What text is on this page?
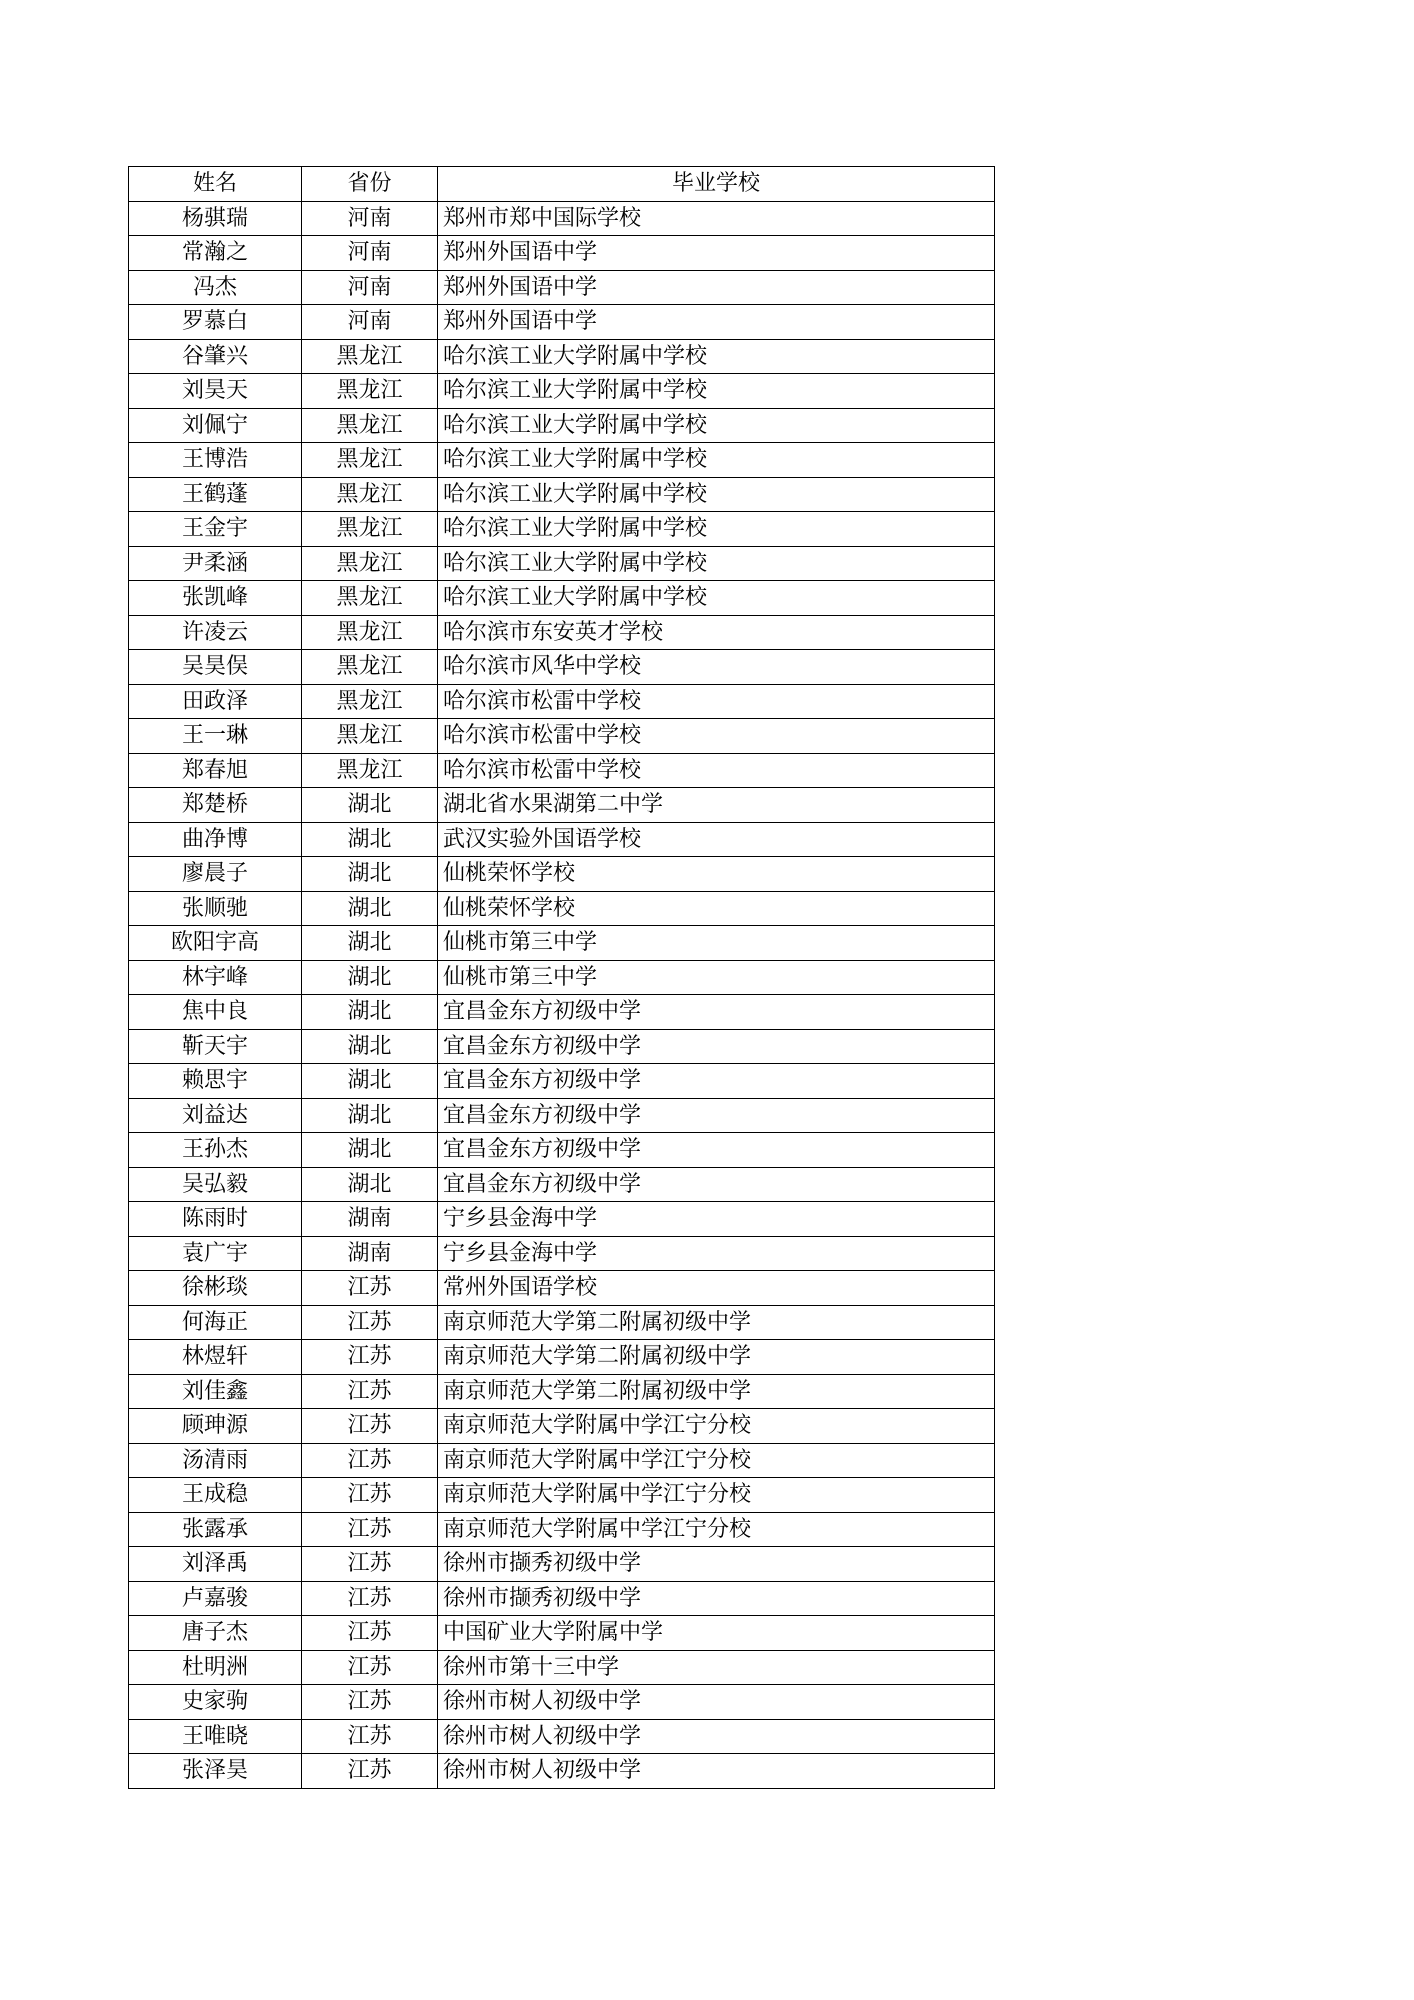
姓名	省份	毕业学校
杨骐瑞	河南	郑州市郑中国际学校
常瀚之	河南	郑州外国语中学
冯杰	河南	郑州外国语中学
罗慕白	河南	郑州外国语中学
谷肇兴	黑龙江	哈尔滨工业大学附属中学校
刘昊天	黑龙江	哈尔滨工业大学附属中学校
刘佩宁	黑龙江	哈尔滨工业大学附属中学校
王博浩	黑龙江	哈尔滨工业大学附属中学校
王鹤蓬	黑龙江	哈尔滨工业大学附属中学校
王金宇	黑龙江	哈尔滨工业大学附属中学校
尹柔涵	黑龙江	哈尔滨工业大学附属中学校
张凯峰	黑龙江	哈尔滨工业大学附属中学校
许凌云	黑龙江	哈尔滨市东安英才学校
吴昊俣	黑龙江	哈尔滨市风华中学校
田政泽	黑龙江	哈尔滨市松雷中学校
王一琳	黑龙江	哈尔滨市松雷中学校
郑春旭	黑龙江	哈尔滨市松雷中学校
郑楚桥	湖北	湖北省水果湖第二中学
曲净博	湖北	武汉实验外国语学校
廖晨子	湖北	仙桃荣怀学校
张顺驰	湖北	仙桃荣怀学校
欧阳宇高	湖北	仙桃市第三中学
林宇峰	湖北	仙桃市第三中学
焦中良	湖北	宜昌金东方初级中学
靳天宇	湖北	宜昌金东方初级中学
赖思宇	湖北	宜昌金东方初级中学
刘益达	湖北	宜昌金东方初级中学
王孙杰	湖北	宜昌金东方初级中学
吴弘毅	湖北	宜昌金东方初级中学
陈雨时	湖南	宁乡县金海中学
袁广宇	湖南	宁乡县金海中学
徐彬琰	江苏	常州外国语学校
何海正	江苏	南京师范大学第二附属初级中学
林煜轩	江苏	南京师范大学第二附属初级中学
刘佳鑫	江苏	南京师范大学第二附属初级中学
顾珅源	江苏	南京师范大学附属中学江宁分校
汤清雨	江苏	南京师范大学附属中学江宁分校
王成稳	江苏	南京师范大学附属中学江宁分校
张露承	江苏	南京师范大学附属中学江宁分校
刘泽禹	江苏	徐州市撷秀初级中学
卢嘉骏	江苏	徐州市撷秀初级中学
唐子杰	江苏	中国矿业大学附属中学
杜明洲	江苏	徐州市第十三中学
史家驹	江苏	徐州市树人初级中学
王唯晓	江苏	徐州市树人初级中学
张泽昊	江苏	徐州市树人初级中学
